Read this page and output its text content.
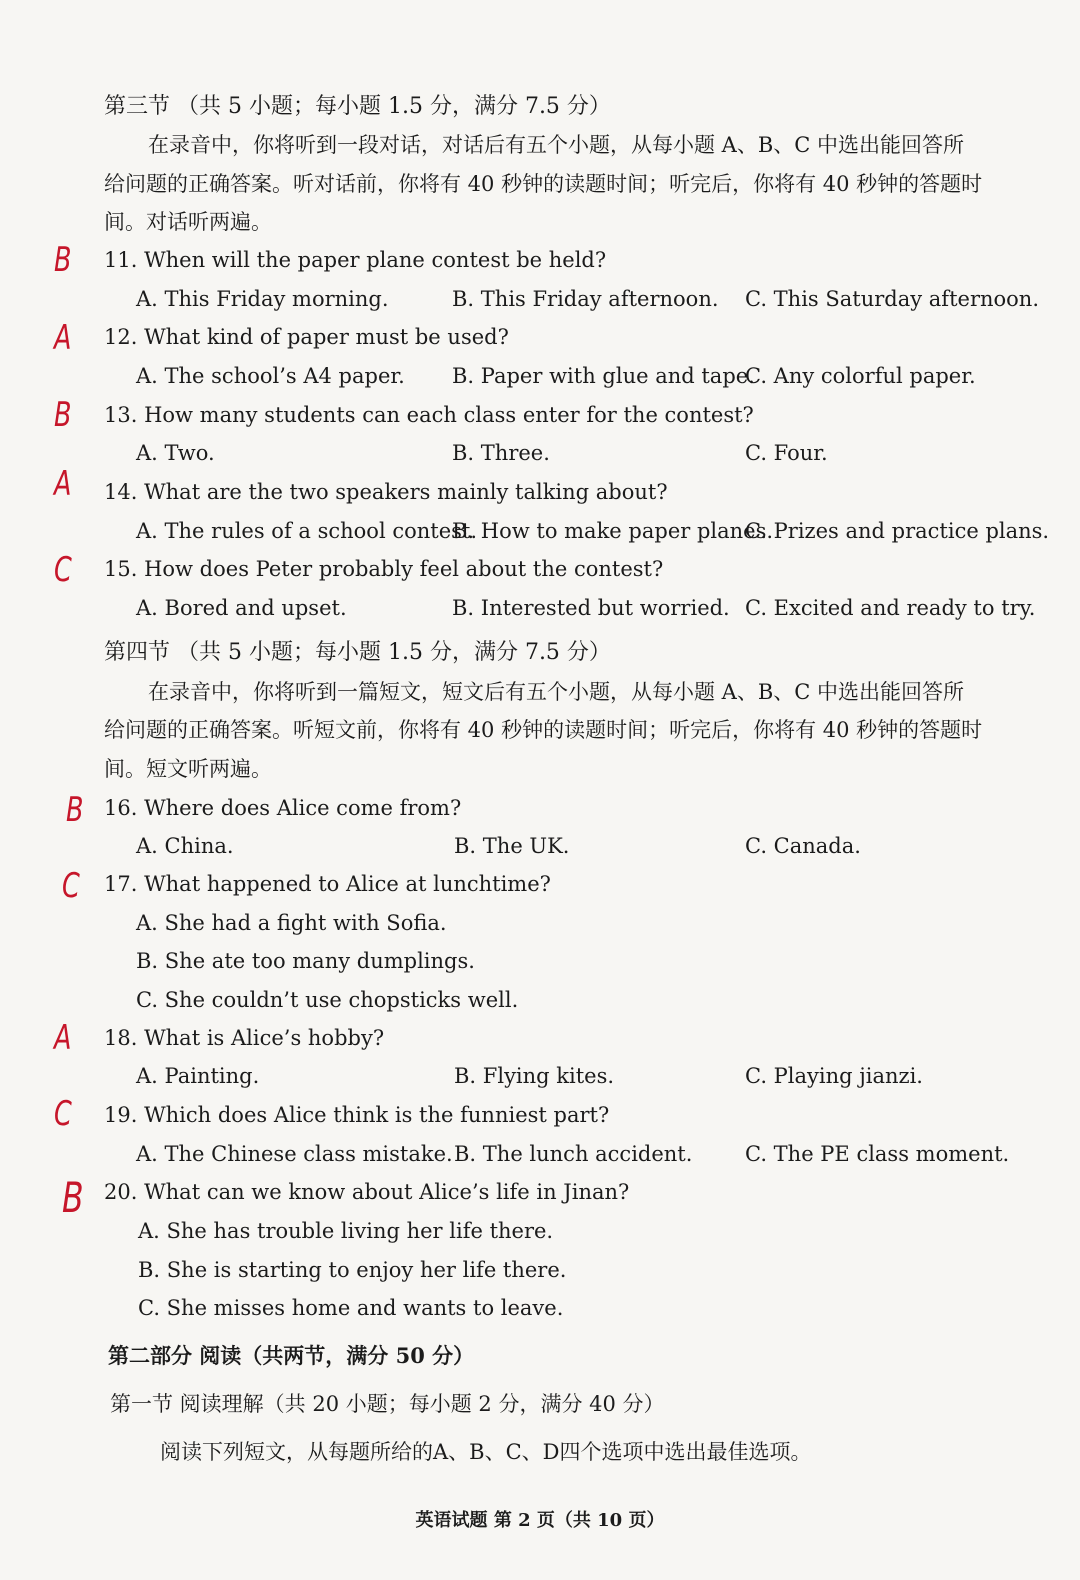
第三节 （共 5 小题；每小题 1.5 分，满分 7.5 分）
在录音中，你将听到一段对话，对话后有五个小题，从每小题 A、B、C 中选出能回答所
给问题的正确答案。听对话前，你将有 40 秒钟的读题时间；听完后，你将有 40 秒钟的答题时
间。对话听两遍。
B 11. When will the paper plane contest be held?
A. This Friday morning.	B. This Friday afternoon. C. This Saturday afternoon.
A 12. What kind of paper must be used?
A. The school’s A4 paper. B. Paper with glue and tape.
C. Any colorful paper.
B 13. How many students can each class enter for the contest?
A. Two.	B. Three.	C. Four.
A 14. What are the two speakers mainly talking about?
A. The rules of a school contest.
B. How to make paper planes.
C. Prizes and practice plans.
C 15. How does Peter probably feel about the contest?
A. Bored and upset.	B. Interested but worried. C. Excited and ready to try.
第四节 （共 5 小题；每小题 1.5 分，满分 7.5 分）
在录音中，你将听到一篇短文，短文后有五个小题，从每小题 A、B、C 中选出能回答所
给问题的正确答案。听短文前，你将有 40 秒钟的读题时间；听完后，你将有 40 秒钟的答题时
间。短文听两遍。
B 16. Where does Alice come from?
A. China.	B. The UK.	C. Canada.
C 17. What happened to Alice at lunchtime?
A. She had a fight with Sofia.
B. She ate too many dumplings.
C. She couldn’t use chopsticks well.
A 18. What is Alice’s hobby?
A. Painting.	B. Flying kites.	C. Playing jianzi.
C 19. Which does Alice think is the funniest part?
A. The Chinese class mistake. B. The lunch accident.	C. The PE class moment.
B 20. What can we know about Alice’s life in Jinan?
A. She has trouble living her life there.
B. She is starting to enjoy her life there.
C. She misses home and wants to leave.
第二部分 阅读（共两节，满分 50 分）
第一节 阅读理解（共 20 小题；每小题 2 分，满分 40 分）
阅读下列短文，从每题所给的A、B、C、D四个选项中选出最佳选项。
英语试题 第 2 页（共 10 页）
